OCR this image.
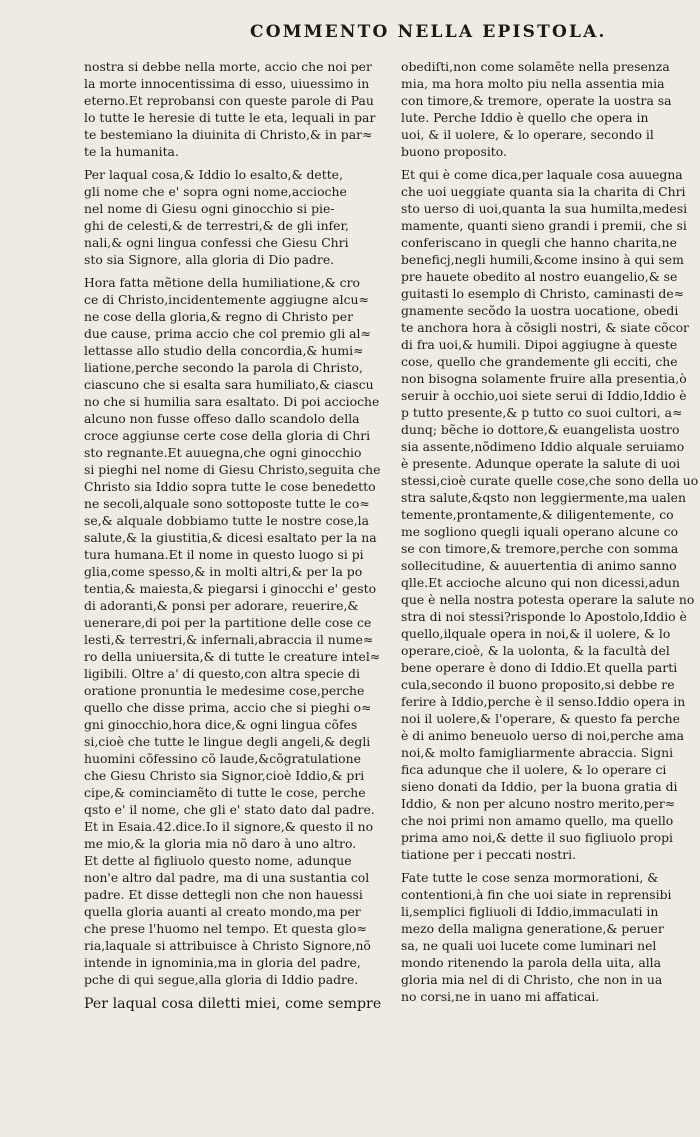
COMMENTO NELLA EPISTOLA.
nostra si debbe nella morte, accio che noi per
la morte innocentissima di esso, uiuessimo in
eterno.Et reprobansi con queste parole di Pau
lo tutte le heresie di tutte le eta, lequali in par
te bestemiano la diuinita di Christo,& in par≈
te la humanita.
Per laqual cosa,& Iddio lo esalto,& dette,
gli nome che e' sopra ogni nome,accioche
nel nome di Giesu ogni ginocchio si pie-
ghi de celesti,& de terrestri,& de gli infer,
nali,& ogni lingua confessi che Giesu Chri
sto sia Signore, alla gloria di Dio padre.
Hora fatta mẽtione della humiliatione,& cro
ce di Christo,incidentemente aggiugne alcu≈
ne cose della gloria,& regno di Christo per
due cause, prima accio che col premio gli al≈
lettasse allo studio della concordia,& humi≈
liatione,perche secondo la parola di Christo,
ciascuno che si esalta sara humiliato,& ciascu
no che si humilia sara esaltato. Di poi accioche
alcuno non fusse offeso dallo scandolo della
croce aggiunse certe cose della gloria di Chri
sto regnante.Et auuegna,che ogni ginocchio
si pieghi nel nome di Giesu Christo,seguita che
Christo sia Iddio sopra tutte le cose benedetto
ne secoli,alquale sono sottoposte tutte le co≈
se,& alquale dobbiamo tutte le nostre cose,la
salute,& la giustitia,& dicesi esaltato per la na
tura humana.Et il nome in questo luogo si pi
glia,come spesso,& in molti altri,& per la po
tentia,& maiesta,& piegarsi i ginocchi e' gesto
di adoranti,& ponsi per adorare, reuerire,&
uenerare,di poi per la partitione delle cose ce
lesti,& terrestri,& infernali,abraccia il nume≈
ro della uniuersita,& di tutte le creature intel≈
ligibili. Oltre a' di questo,con altra specie di
oratione pronuntia le medesime cose,perche
quello che disse prima, accio che si pieghi o≈
gni ginocchio,hora dice,& ogni lingua cõfes
si,cioè che tutte le lingue degli angeli,& degli
huomini cõfessino cõ laude,&cõgratulatione
che Giesu Christo sia Signor,cioè Iddio,& pri
cipe,& cominciamẽto di tutte le cose, perche
qsto e' il nome, che gli e' stato dato dal padre.
Et in Esaia.42.dice.Io il signore,& questo il no
me mio,& la gloria mia nõ daro à uno altro.
Et dette al figliuolo questo nome, adunque
non'e altro dal padre, ma di una sustantia col
padre. Et disse dettegli non che non hauessi
quella gloria auanti al creato mondo,ma per
che prese l'huomo nel tempo. Et questa glo≈
ria,laquale si attribuisce à Christo Signore,nõ
intende in ignominia,ma in gloria del padre,
pche di qui segue,alla gloria di Iddio padre.
Per laqual cosa diletti miei, come sempre
obediſti,non come solamẽte nella presenza
mia, ma hora molto piu nella assentia mia
con timore,& tremore, operate la uostra sa
lute. Perche Iddio è quello che opera in
uoi, & il uolere, & lo operare, secondo il
buono proposito.
Et qui è come dica,per laquale cosa auuegna
che uoi ueggiate quanta sia la charita di Chri
sto uerso di uoi,quanta la sua humilta,medesi
mamente, quanti sieno grandi i premii, che si
conferiscano in quegli che hanno charita,ne
beneficj,negli humili,&come insino à qui sem
pre hauete obedito al nostro euangelio,& se
guitasti lo esemplo di Christo, caminasti de≈
gnamente secõdo la uostra uocatione, obedi
te anchora hora à cõsigli nostri, & siate cõcor
di fra uoi,& humili. Dipoi aggiugne à queste
cose, quello che grandemente gli ecciti, che
non bisogna solamente fruire alla presentia,ò
seruir à occhio,uoi siete serui di Iddio,Iddio è
p tutto presente,& p tutto co suoi cultori, a≈
dunq; bẽche io dottore,& euangelista uostro
sia assente,nõdimeno Iddio alquale seruiamo
è presente. Adunque operate la salute di uoi
stessi,cioè curate quelle cose,che sono della uo
stra salute,&qsto non leggiermente,ma ualen
temente,prontamente,& diligentemente, co
me sogliono quegli iquali operano alcune co
se con timore,& tremore,perche con somma
sollecitudine, & auuertentia di animo sanno
qlle.Et accioche alcuno qui non dicessi,adun
que è nella nostra potesta operare la salute no
stra di noi stessi?risponde lo Apostolo,Iddio è
quello,ilquale opera in noi,& il uolere, & lo
operare,cioè, & la uolonta, & la facultà del
bene operare è dono di Iddio.Et quella parti
cula,secondo il buono proposito,si debbe re
ferire à Iddio,perche è il senso.Iddio opera in
noi il uolere,& l'operare, & questo fa perche
è di animo beneuolo uerso di noi,perche ama
noi,& molto famigliarmente abraccia. Signi
fica adunque che il uolere, & lo operare ci
sieno donati da Iddio, per la buona gratia di
Iddio, & non per alcuno nostro merito,per≈
che noi primi non amamo quello, ma quello
prima amo noi,& dette il suo figliuolo propi
tiatione per i peccati nostri.
Fate tutte le cose senza mormorationi, &
contentioni,à fin che uoi siate in reprensibi
li,semplici figliuoli di Iddio,immaculati in
mezo della maligna generatione,& peruer
sa, ne quali uoi lucete come luminari nel
mondo ritenendo la parola della uita, alla
gloria mia nel di di Christo, che non in ua
no corsi,ne in uano mi affaticai.
